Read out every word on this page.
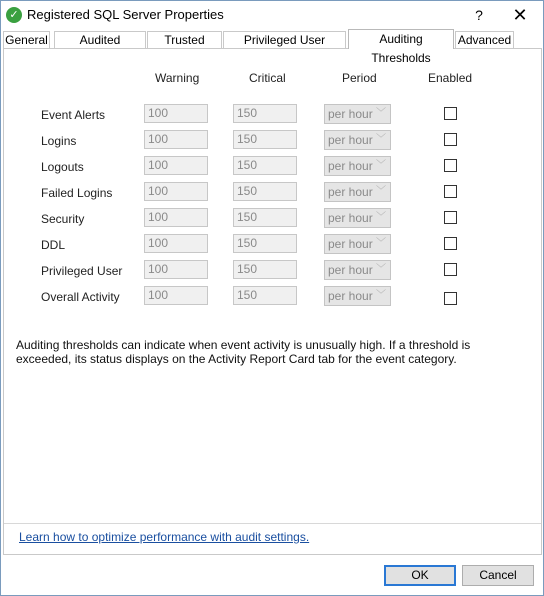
✓ Registered SQL Server Properties	?	✕
General	Audited	Trusted	Privileged User	Auditing Thresholds
Advanced
Warning	Critical	Period	Enabled
Event Alerts	100	150	per hour ﹀
Logins	100	150	per hour ﹀
Logouts	100	150	per hour ﹀
Failed Logins	100	150	per hour ﹀
Security	100	150	per hour ﹀
DDL	100	150	per hour ﹀
Privileged User	100	150	per hour ﹀
Overall Activity	100	150	per hour ﹀
Auditing thresholds can indicate when event activity is unusually high. If a threshold is exceeded, its status displays on the Activity Report Card tab for the event category.
Learn how to optimize performance with audit settings.
OK	Cancel
